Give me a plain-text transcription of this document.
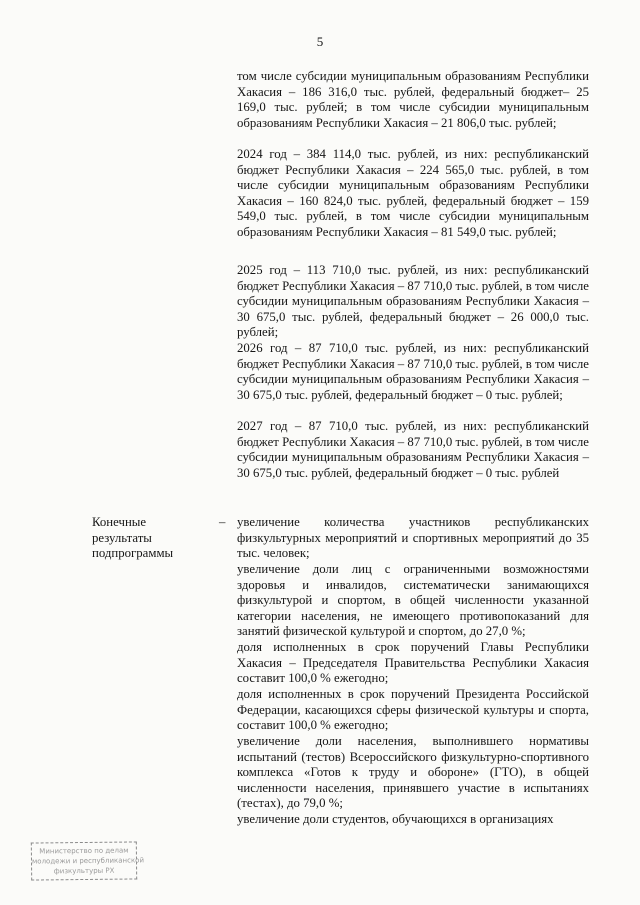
5

том числе субсидии муниципальным образованиям Республики Хакасия – 186 316,0 тыс. рублей, федеральный бюджет– 25 169,0 тыс. рублей; в том числе субсидии муниципальным образованиям Республики Хакасия – 21 806,0 тыс. рублей;

2024 год – 384 114,0 тыс. рублей, из них: республиканский бюджет Республики Хакасия – 224 565,0 тыс. рублей, в том числе субсидии муниципальным образованиям Республики Хакасия – 160 824,0 тыс. рублей, федеральный бюджет – 159 549,0 тыс. рублей, в том числе субсидии муниципальным образованиям Республики Хакасия – 81 549,0 тыс. рублей;

2025 год – 113 710,0 тыс. рублей, из них: республиканский бюджет Республики Хакасия – 87 710,0 тыс. рублей, в том числе субсидии муниципальным образованиям Республики Хакасия – 30 675,0 тыс. рублей, федеральный бюджет – 26 000,0 тыс. рублей;

2026 год – 87 710,0 тыс. рублей, из них: республиканский бюджет Республики Хакасия – 87 710,0 тыс. рублей, в том числе субсидии муниципальным образованиям Республики Хакасия – 30 675,0 тыс. рублей, федеральный бюджет – 0 тыс. рублей;

2027 год – 87 710,0 тыс. рублей, из них: республиканский бюджет Республики Хакасия – 87 710,0 тыс. рублей, в том числе субсидии муниципальным образованиям Республики Хакасия – 30 675,0 тыс. рублей, федеральный бюджет – 0 тыс. рублей

Конечные
результаты
подпрограммы
– увеличение количества участников республиканских физкультурных мероприятий и спортивных мероприятий до 35 тыс. человек;

увеличение доли лиц с ограниченными возможностями здоровья и инвалидов, систематически занимающихся физкультурой и спортом, в общей численности указанной категории населения, не имеющего противопоказаний для занятий физической культурой и спортом, до 27,0 %;

доля исполненных в срок поручений Главы Республики Хакасия – Председателя Правительства Республики Хакасия составит 100,0 % ежегодно;

доля исполненных в срок поручений Президента Российской Федерации, касающихся сферы физической культуры и спорта, составит 100,0 % ежегодно;

увеличение доли населения, выполнившего нормативы испытаний (тестов) Всероссийского физкультурно-спортивного комплекса «Готов к труду и обороне» (ГТО), в общей численности населения, принявшего участие в испытаниях (тестах), до 79,0 %;

увеличение доли студентов, обучающихся в организациях

Министерство по делам
молодежи и республиканской
физкультуры РХ
